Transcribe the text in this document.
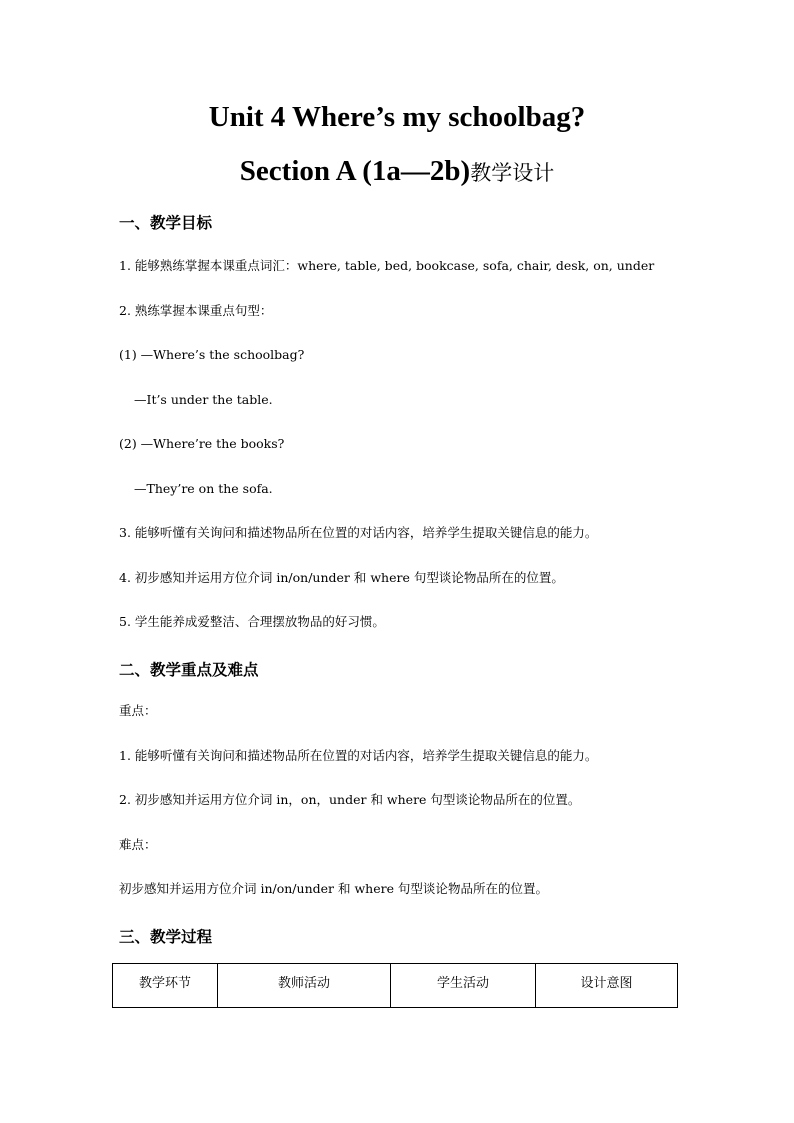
Unit 4 Where’s my schoolbag?
Section A (1a—2b)教学设计
一、教学目标
1. 能够熟练掌握本课重点词汇：where, table, bed, bookcase, sofa, chair, desk, on, under
2. 熟练掌握本课重点句型：
(1) —Where’s the schoolbag?
—It’s under the table.
(2) —Where’re the books?
—They’re on the sofa.
3. 能够听懂有关询问和描述物品所在位置的对话内容，培养学生提取关键信息的能力。
4. 初步感知并运用方位介词 in/on/under 和 where 句型谈论物品所在的位置。
5. 学生能养成爱整洁、合理摆放物品的好习惯。
二、教学重点及难点
重点：
1. 能够听懂有关询问和描述物品所在位置的对话内容，培养学生提取关键信息的能力。
2. 初步感知并运用方位介词 in，on，under 和 where 句型谈论物品所在的位置。
难点：
初步感知并运用方位介词 in/on/under 和 where 句型谈论物品所在的位置。
三、教学过程
教学环节	教师活动	学生活动	设计意图
